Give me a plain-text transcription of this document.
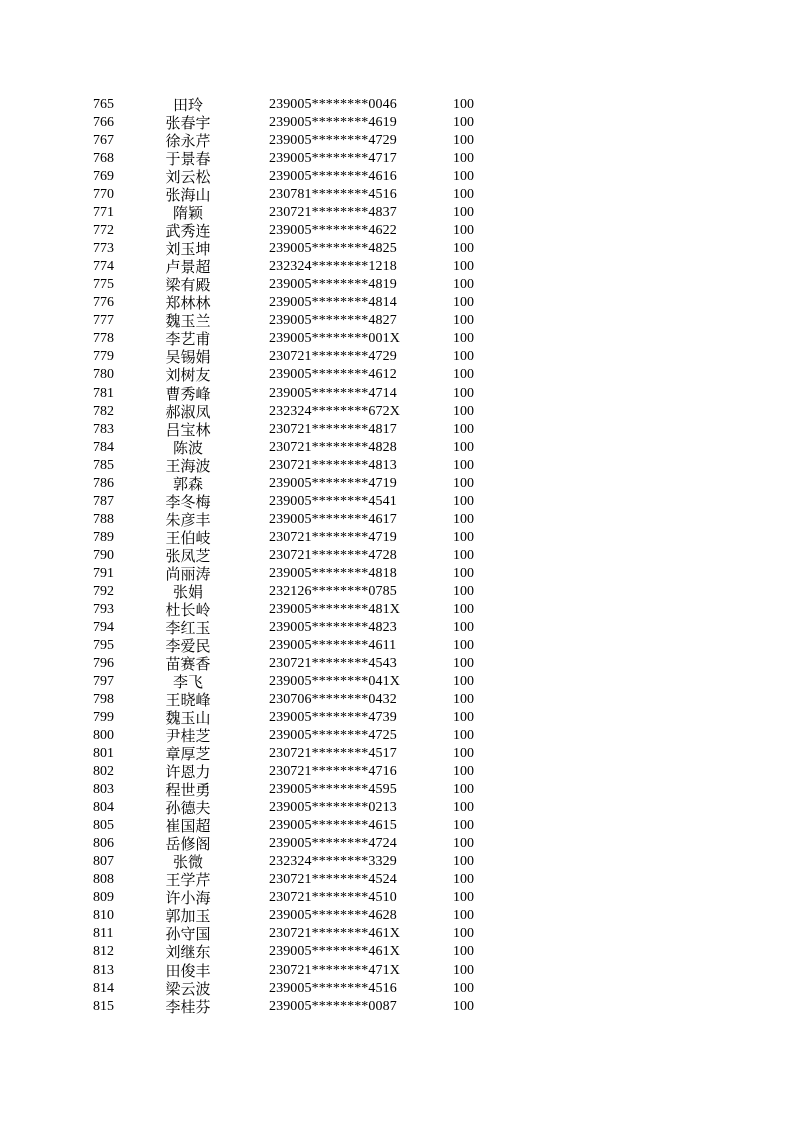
765	田玲	239005********0046	100
766	张春宇	239005********4619	100
767	徐永芹	239005********4729	100
768	于景春	239005********4717	100
769	刘云松	239005********4616	100
770	张海山	230781********4516	100
771	隋颖	230721********4837	100
772	武秀连	239005********4622	100
773	刘玉坤	239005********4825	100
774	卢景超	232324********1218	100
775	梁有殿	239005********4819	100
776	郑林林	239005********4814	100
777	魏玉兰	239005********4827	100
778	李艺甫	239005********001X	100
779	吴锡娟	230721********4729	100
780	刘树友	239005********4612	100
781	曹秀峰	239005********4714	100
782	郝淑凤	232324********672X	100
783	吕宝林	230721********4817	100
784	陈波	230721********4828	100
785	王海波	230721********4813	100
786	郭森	239005********4719	100
787	李冬梅	239005********4541	100
788	朱彦丰	239005********4617	100
789	王伯岐	230721********4719	100
790	张凤芝	230721********4728	100
791	尚丽涛	239005********4818	100
792	张娟	232126********0785	100
793	杜长岭	239005********481X	100
794	李红玉	239005********4823	100
795	李爱民	239005********4611	100
796	苗赛香	230721********4543	100
797	李飞	239005********041X	100
798	王晓峰	230706********0432	100
799	魏玉山	239005********4739	100
800	尹桂芝	239005********4725	100
801	章厚芝	230721********4517	100
802	许恩力	230721********4716	100
803	程世勇	239005********4595	100
804	孙德夫	239005********0213	100
805	崔国超	239005********4615	100
806	岳修阁	239005********4724	100
807	张微	232324********3329	100
808	王学芹	230721********4524	100
809	许小海	230721********4510	100
810	郭加玉	239005********4628	100
811	孙守国	230721********461X	100
812	刘继东	239005********461X	100
813	田俊丰	230721********471X	100
814	梁云波	239005********4516	100
815	李桂芬	239005********0087	100
